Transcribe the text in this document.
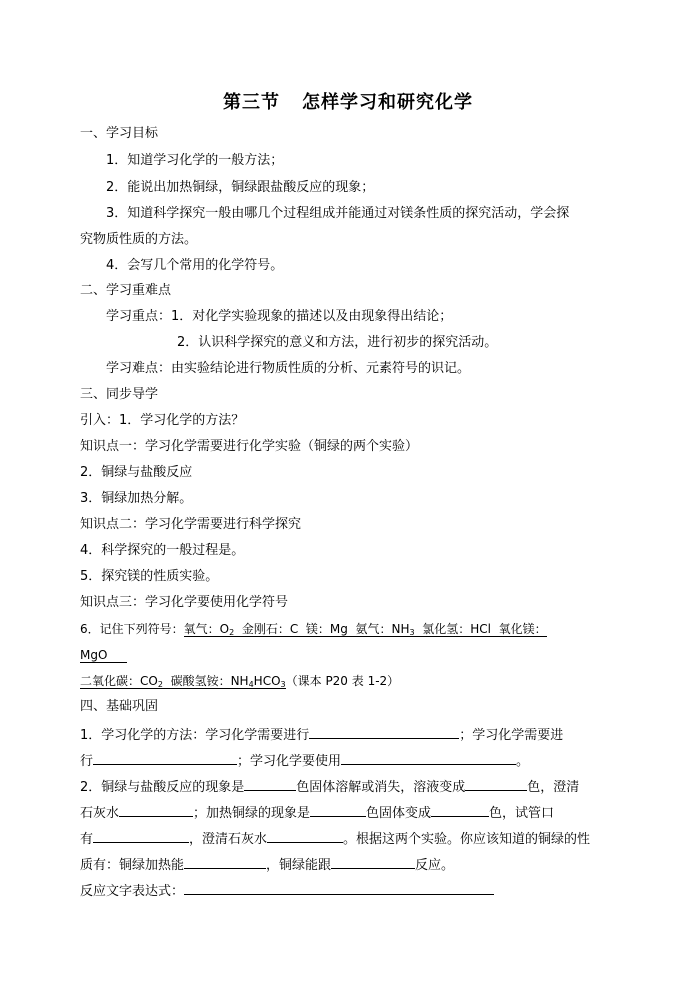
第三节 怎样学习和研究化学
一、学习目标
1．知道学习化学的一般方法；
2．能说出加热铜绿，铜绿跟盐酸反应的现象；
3．知道科学探究一般由哪几个过程组成并能通过对镁条性质的探究活动，学会探
究物质性质的方法。
4．会写几个常用的化学符号。
二、学习重难点
学习重点：1．对化学实验现象的描述以及由现象得出结论；
2．认识科学探究的意义和方法，进行初步的探究活动。
学习难点：由实验结论进行物质性质的分析、元素符号的识记。
三、同步导学
引入：1．学习化学的方法？
知识点一：学习化学需要进行化学实验（铜绿的两个实验）
2．铜绿与盐酸反应
3．铜绿加热分解。
知识点二：学习化学需要进行科学探究
4．科学探究的一般过程是。
5．探究镁的性质实验。
知识点三：学习化学要使用化学符号
6．记住下列符号：氧气：$O_2$ 金刚石：C 镁：Mg 氨气：$NH_3$ 氯化氢：HCl 氧化镁：
MgO
二氧化碳：$CO_2$ 碳酸氢铵：$NH_4HCO_3$（课本 P20 表 1-2）
四、基础巩固
1．学习化学的方法：学习化学需要进行	；学习化学需要进
行	；学习化学要使用	。
2．铜绿与盐酸反应的现象是	色固体溶解或消失，溶液变成	色，澄清
石灰水	；加热铜绿的现象是	色固体变成	色，试管口
有	，澄清石灰水	。根据这两个实验。你应该知道的铜绿的性
质有：铜绿加热能	，铜绿能跟	反应。
反应文字表达式：
